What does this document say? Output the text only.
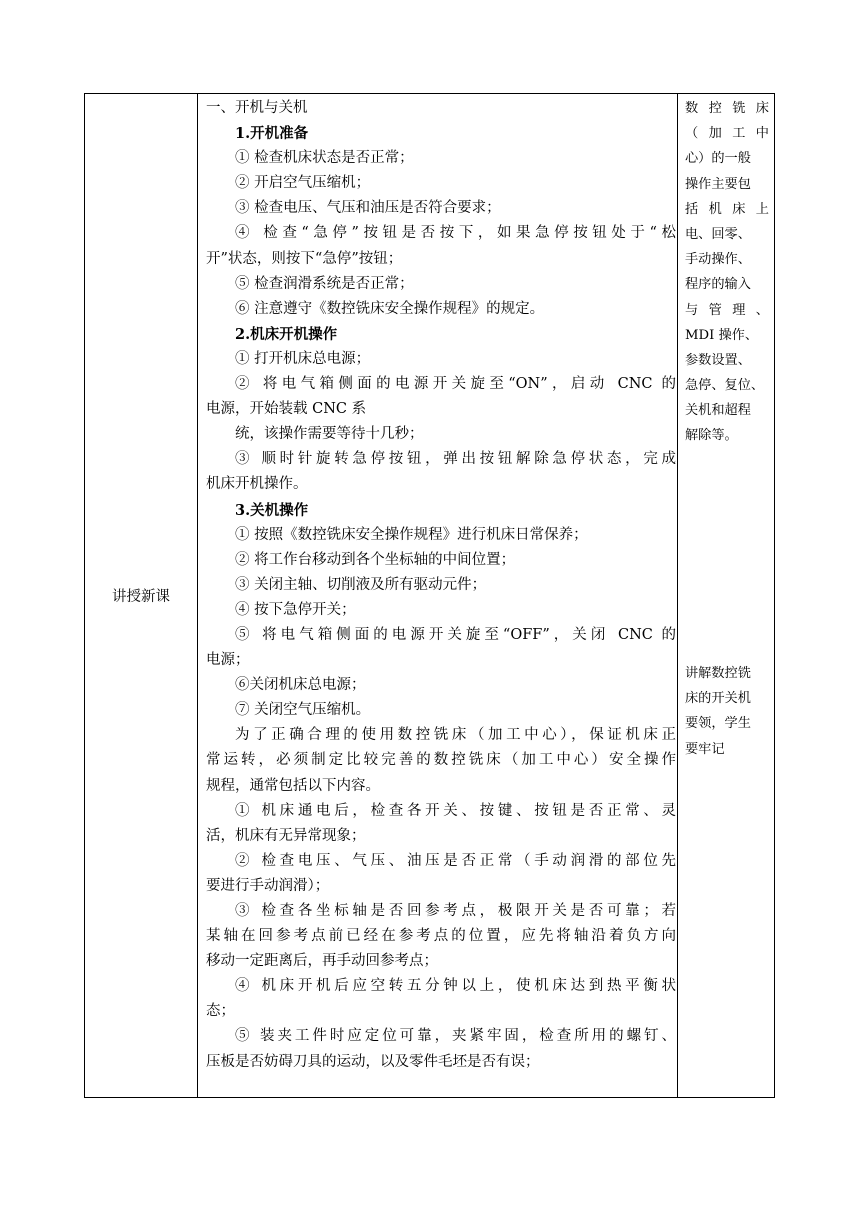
讲授新课
一、开机与关机
1.开机准备
① 检查机床状态是否正常；
② 开启空气压缩机；
③ 检查电压、气压和油压是否符合要求；
④ 检查“急停”按钮是否按下，如果急停按钮处于“松
开”状态，则按下“急停”按钮；
⑤ 检查润滑系统是否正常；
⑥ 注意遵守《数控铣床安全操作规程》的规定。
2.机床开机操作
① 打开机床总电源；
② 将电气箱侧面的电源开关旋至“ON”，启动 CNC 的
电源，开始装载 CNC 系
统，该操作需要等待十几秒；
③ 顺时针旋转急停按钮，弹出按钮解除急停状态，完成
机床开机操作。
3.关机操作
① 按照《数控铣床安全操作规程》进行机床日常保养；
② 将工作台移动到各个坐标轴的中间位置；
③ 关闭主轴、切削液及所有驱动元件；
④ 按下急停开关；
⑤ 将电气箱侧面的电源开关旋至“OFF”，关闭 CNC 的
电源；
⑥关闭机床总电源；
⑦ 关闭空气压缩机。
为了正确合理的使用数控铣床（加工中心），保证机床正
常运转，必须制定比较完善的数控铣床（加工中心）安全操作
规程，通常包括以下内容。
① 机床通电后，检查各开关、按键、按钮是否正常、灵
活，机床有无异常现象；
② 检查电压、气压、油压是否正常（手动润滑的部位先
要进行手动润滑）；
③ 检查各坐标轴是否回参考点，极限开关是否可靠；若
某轴在回参考点前已经在参考点的位置，应先将轴沿着负方向
移动一定距离后，再手动回参考点；
④ 机床开机后应空转五分钟以上，使机床达到热平衡状
态；
⑤ 装夹工件时应定位可靠，夹紧牢固，检查所用的螺钉、
压板是否妨碍刀具的运动，以及零件毛坯是否有误；
数控铣床
（加工中
心）的一般
操作主要包
括机床上
电、回零、
手动操作、
程序的输入
与管理、
MDI 操作、
参数设置、
急停、复位、
关机和超程
解除等。
讲解数控铣
床的开关机
要领，学生
要牢记
